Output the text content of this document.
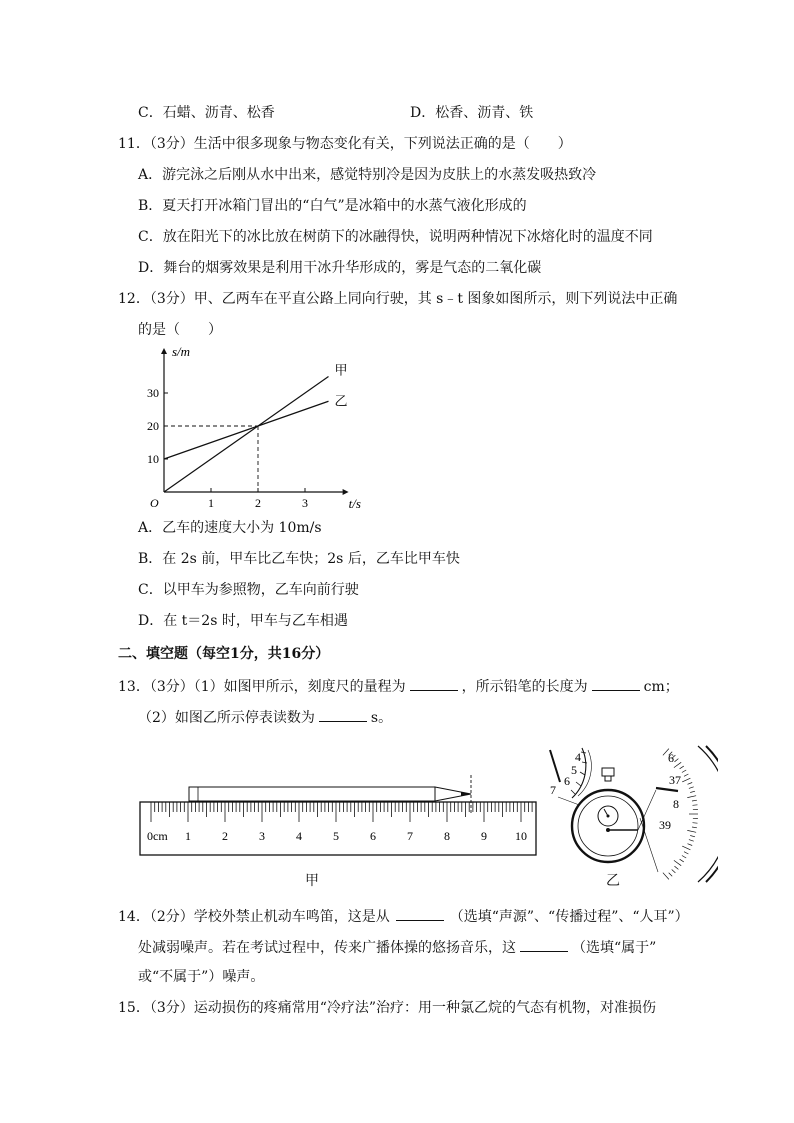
C．石蜡、沥青、松香	D．松香、沥青、铁
11．（3分）生活中很多现象与物态变化有关，下列说法正确的是（　　）
A．游完泳之后刚从水中出来，感觉特别冷是因为皮肤上的水蒸发吸热致冷
B．夏天打开冰箱门冒出的“白气”是冰箱中的水蒸气液化形成的
C．放在阳光下的冰比放在树荫下的冰融得快，说明两种情况下冰熔化时的温度不同
D．舞台的烟雾效果是利用干冰升华形成的，雾是气态的二氧化碳
12．（3分）甲、乙两车在平直公路上同向行驶，其 s﹣t 图象如图所示，则下列说法中正确
的是（　　）
s/m
t/s
O	1	2	3
10
20
30
甲
乙
A．乙车的速度大小为 10m/s
B．在 2s 前，甲车比乙车快；2s 后，乙车比甲车快
C．以甲车为参照物，乙车向前行驶
D．在 t＝2s 时，甲车与乙车相遇
二、填空题（每空1分，共16分）
13．（3分）（1）如图甲所示，刻度尺的量程为	，所示铅笔的长度为	cm；
（2）如图乙所示停表读数为	s。
0cm 1	2	3	4	5	6	7	8	9 10
甲
4
5
6
7
6
37
8
39
乙
14．（2分）学校外禁止机动车鸣笛，这是从	（选填“声源”、“传播过程”、“人耳”）
处减弱噪声。若在考试过程中，传来广播体操的悠扬音乐，这	（选填“属于”
或“不属于”）噪声。
15．（3分）运动损伤的疼痛常用“冷疗法”治疗：用一种氯乙烷的气态有机物，对准损伤
